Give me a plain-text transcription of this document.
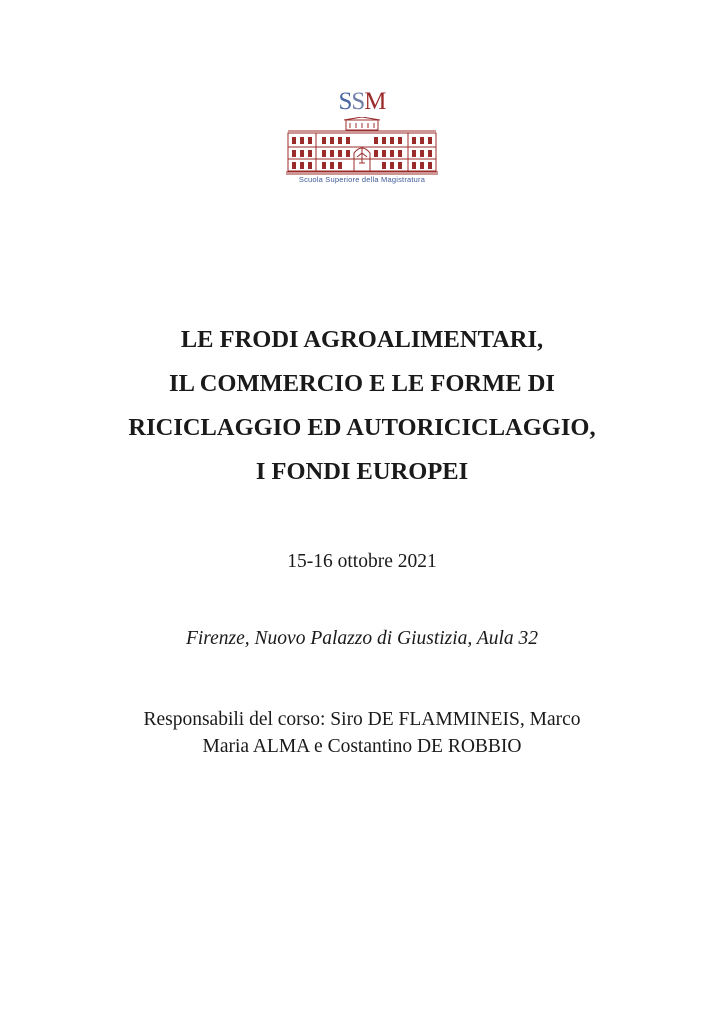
SSM
Scuola Superiore della Magistratura
LE FRODI AGROALIMENTARI,
IL COMMERCIO E LE FORME DI
RICICLAGGIO ED AUTORICICLAGGIO,
I FONDI EUROPEI
15-16 ottobre 2021
Firenze, Nuovo Palazzo di Giustizia, Aula 32
Responsabili del corso: Siro DE FLAMMINEIS, Marco
Maria ALMA e Costantino DE ROBBIO
